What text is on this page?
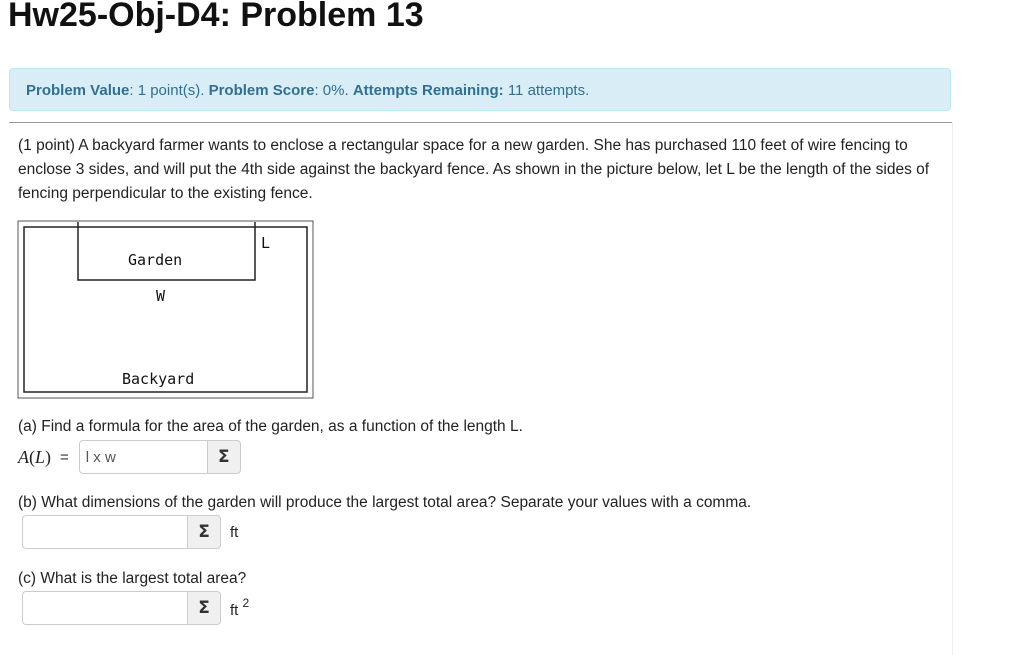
Hw25-Obj-D4: Problem 13
Problem Value: 1 point(s). Problem Score: 0%. Attempts Remaining: 11 attempts.
(1 point) A backyard farmer wants to enclose a rectangular space for a new garden. She has purchased 110 feet of wire fencing to enclose 3 sides, and will put the 4th side against the backyard fence. As shown in the picture below, let L be the length of the sides of fencing perpendicular to the existing fence.
Garden
L
W
Backyard
(a) Find a formula for the area of the garden, as a function of the length L.
A(L) =
l x w	Σ
(b) What dimensions of the garden will produce the largest total area? Separate your values with a comma.
Σ ft
(c) What is the largest total area?
Σ ft $^2$
